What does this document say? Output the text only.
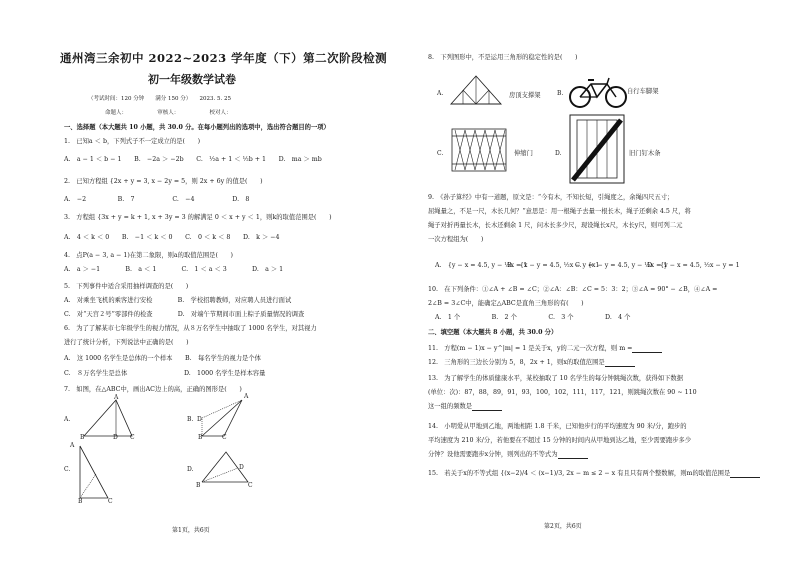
通州湾三余初中 2022~2023 学年度（下）第二次阶段检测
初一年级数学试卷
（考试时间：120 分钟　　满分 150 分）　　2023. 5. 25
命题人：　　　　　　审核人：　　　　　　校对人：
一、选择题（本大题共 10 小题，共 30.0 分。在每小题列出的选项中，选出符合题目的一项）
1.　已知a ＜ b，下列式子不一定成立的是(　　)
A.　a − 1 ＜ b − 1　　B.　−2a ＞ −2b　　C.　½a + 1 ＜ ½b + 1　　D.　ma ＞ mb
2.　已知方程组 {2x + y = 3, x − 2y = 5，则 2x + 6y 的值是(　　)
A.　−2　　　　　B.　7　　　　　　C.　−4　　　　　　D.　8
3.　方程组 {3x + y = k + 1, x + 3y = 3 的解满足 0 ＜ x + y ＜ 1，则k的取值范围是(　　)
A.　4 ＜ k ＜ 0　　B.　−1 ＜ k ＜ 0　　C.　0 ＜ k ＜ 8　　D.　k ＞ −4
4.　点P(a − 3, a − 1)在第二象限，则a的取值范围是(　　)
A.　a ＞ −1　　　　B.　a ＜ 1　　　　C.　1 ＜ a ＜ 3　　　　D.　a ＞ 1
5.　下列事件中适合采用抽样调查的是(　　)
A.　对乘坐飞机的乘客进行安检　　　　B.　学校招聘教师，对应聘人员进行面试
C.　对“天宫２号”零部件的检查　　　　D.　对端午节期间市面上粽子质量情况的调查
6.　为了了解某市七年级学生的视力情况，从８万名学生中抽取了 1000 名学生，对其视力
进行了统计分析，下列说法中正确的是(　　)
A.　这 1000 名学生是总体的一个样本　　B.　每名学生的视力是个体
C.　８万名学生是总体　　　　　　　　　D.　1000 名学生是样本容量
7.　如图，在△ABC中，画出AC边上的高，正确的图形是(　　)
A.
B	D C
A
B.
B	C
D
A
C.
B	C
A
D.
B	C
D
第1页，共6页
8.　下列图形中，不是运用三角形的稳定性的是(　　)
A.	房顶支撑架	B.	自行车脚架
C.	伸缩门	D.	旧门钉木条
9.　《孙子算经》中有一道题，原文是：“今有木，不知长短，引绳度之，余绳四尺五寸；
屈绳量之，不足一尺，木长几何？”意思是：用一根绳子去量一根长木，绳子还剩余 4.5 尺，将
绳子对折再量长木，长木还剩余 1 尺，问木长多少尺，现设绳长x尺，木长y尺，则可列二元
一次方程组为(　　)
A.　{y − x = 4.5, y − ½x = 1
B.　{x − y = 4.5, ½x − y = 1
C.　{x − y = 4.5, y − ½x = 1
D.　{y − x = 4.5, ½x − y = 1
10.　在下列条件：①∠A + ∠B = ∠C；②∠A：∠B：∠C = 5：3：2；③∠A = 90° − ∠B，④∠A =
2∠B = 3∠C中，能确定△ABC是直角三角形的有(　　)
A.　1 个　　　　　B.　2 个　　　　　C.　3 个　　　　　D.　4 个
二、填空题（本大题共 8 小题，共 30.0 分）
11.　方程(m − 1)x − y^|m| = 1 是关于x，y的二元一次方程，则 m =
12.　三角形的三边长分别为 5，8，2x + 1，则x的取值范围是
13.　为了解学生的体质健康水平，某校抽取了 10 名学生的每分钟跳绳次数，获得如下数据
(单位：次)：87，88，89，91，93，100，102，111，117，121，则跳绳次数在 90 ~ 110
这一组的频数是
14.　小明爱从甲地到乙地，两地相距 1.8 千米，已知他步行的平均速度为 90 米/分，跑步的
平均速度为 210 米/分，若他要在不超过 15 分钟的时间内从甲地到达乙地，至少需要跑步多少
分钟？设他需要跑步x分钟，则列出的不等式为
15.　若关于x的不等式组 {(x−2)/4 ＜ (x−1)/3, 2x − m ≤ 2 − x 有且只有两个整数解，则m的取值范围是
第2页，共6页
